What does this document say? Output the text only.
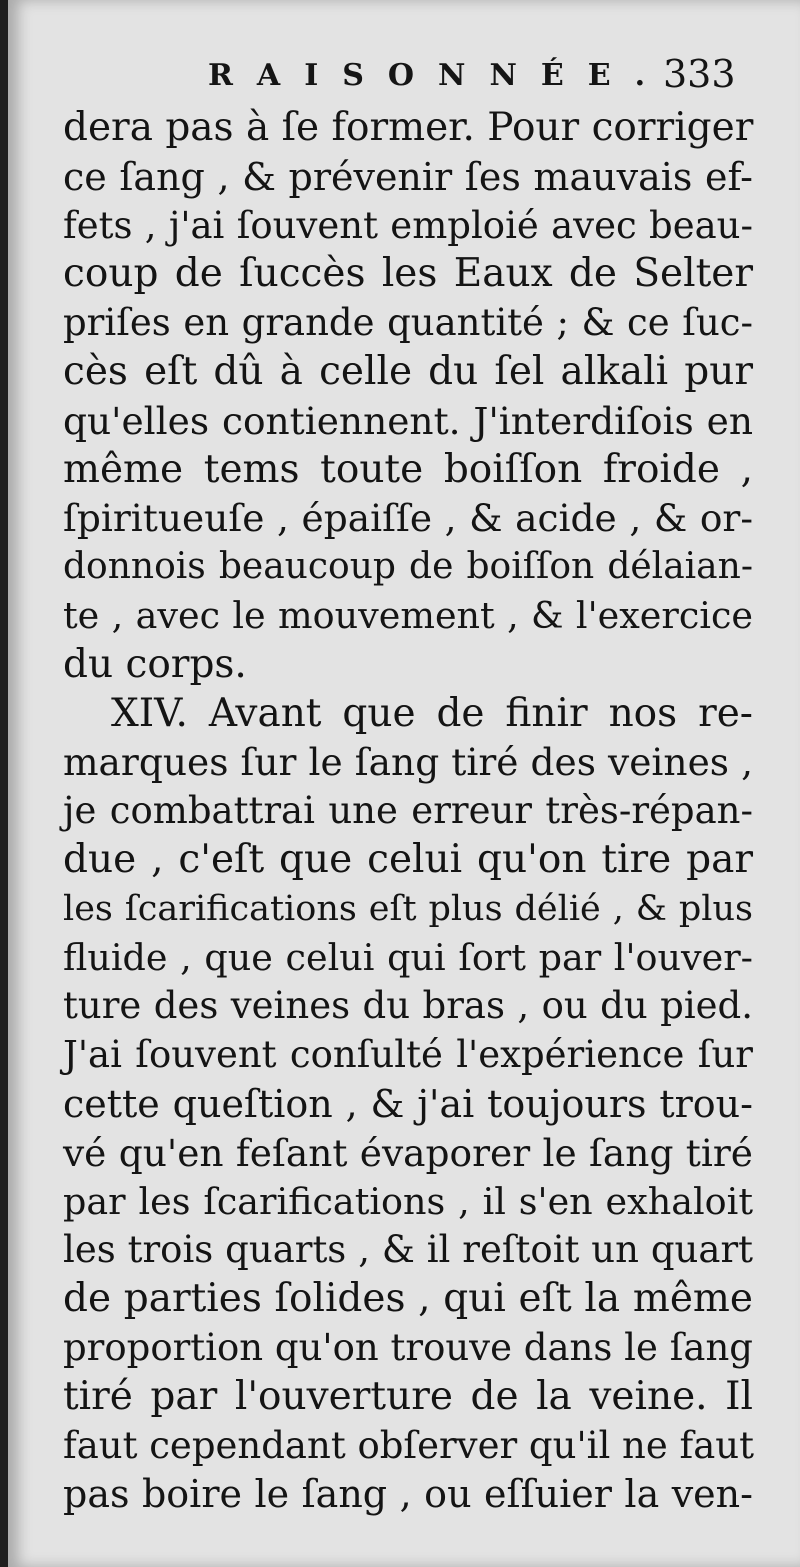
RAISONNÉE.
333
dera pas à ſe former. Pour corriger
ce ſang , & prévenir ſes mauvais ef-
fets , j'ai ſouvent emploié avec beau-
coup de ſuccès les Eaux de Selter
priſes en grande quantité ; & ce ſuc-
cès eſt dû à celle du ſel alkali pur
qu'elles contiennent. J'interdiſois en
même tems toute boiſſon froide ,
ſpiritueuſe , épaiſſe , & acide , & or-
donnois beaucoup de boiſſon délaian-
te , avec le mouvement , & l'exercice
du corps.
XIV. Avant que de finir nos re-
marques ſur le ſang tiré des veines ,
je combattrai une erreur très-répan-
due , c'eſt que celui qu'on tire par
les ſcarifications eſt plus délié , & plus
fluide , que celui qui ſort par l'ouver-
ture des veines du bras , ou du pied.
J'ai ſouvent conſulté l'expérience ſur
cette queſtion , & j'ai toujours trou-
vé qu'en feſant évaporer le ſang tiré
par les ſcarifications , il s'en exhaloit
les trois quarts , & il reſtoit un quart
de parties ſolides , qui eſt la même
proportion qu'on trouve dans le ſang
tiré par l'ouverture de la veine. Il
faut cependant obſerver qu'il ne faut
pas boire le ſang , ou eſſuier la ven-
